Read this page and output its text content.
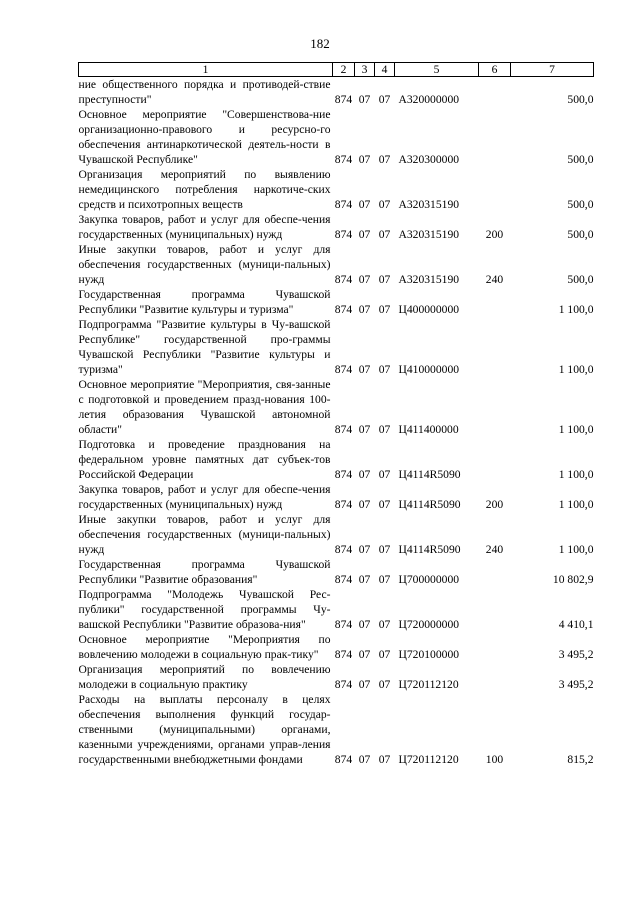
182
1	2	3	4	5	6	7
ние общественного порядка и противодей-ствие преступности"	874	07	07	А320000000		500,0
Основное мероприятие "Совершенствова-ние организационно-правового и ресурсно-го обеспечения антинаркотической деятель-ности в Чувашской Республике"	874	07	07	А320300000		500,0
Организация мероприятий по выявлению немедицинского потребления наркотиче-ских средств и психотропных веществ	874	07	07	А320315190		500,0
Закупка товаров, работ и услуг для обеспе-чения государственных (муниципальных) нужд	874	07	07	А320315190	200	500,0
Иные закупки товаров, работ и услуг для обеспечения государственных (муници-пальных) нужд	874	07	07	А320315190	240	500,0
Государственная программа Чувашской Республики "Развитие культуры и туризма"	874	07	07	Ц400000000		1 100,0
Подпрограмма "Развитие культуры в Чу-вашской Республике" государственной про-граммы Чувашской Республики "Развитие культуры и туризма"	874	07	07	Ц410000000		1 100,0
Основное мероприятие "Мероприятия, свя-занные с подготовкой и проведением празд-нования 100-летия образования Чувашской автономной области"	874	07	07	Ц411400000		1 100,0
Подготовка и проведение празднования на федеральном уровне памятных дат субъек-тов Российской Федерации	874	07	07	Ц4114R5090		1 100,0
Закупка товаров, работ и услуг для обеспе-чения государственных (муниципальных) нужд	874	07	07	Ц4114R5090	200	1 100,0
Иные закупки товаров, работ и услуг для обеспечения государственных (муници-пальных) нужд	874	07	07	Ц4114R5090	240	1 100,0
Государственная программа Чувашской Республики "Развитие образования"	874	07	07	Ц700000000		10 802,9
Подпрограмма "Молодежь Чувашской Рес-публики" государственной программы Чу-вашской Республики "Развитие образова-ния"	874	07	07	Ц720000000		4 410,1
Основное мероприятие "Мероприятия по вовлечению молодежи в социальную прак-тику"	874	07	07	Ц720100000		3 495,2
Организация мероприятий по вовлечению молодежи в социальную практику	874	07	07	Ц720112120		3 495,2
Расходы на выплаты персоналу в целях обеспечения выполнения функций государ-ственными (муниципальными) органами, казенными учреждениями, органами управ-ления государственными внебюджетными фондами	874	07	07	Ц720112120	100	815,2
